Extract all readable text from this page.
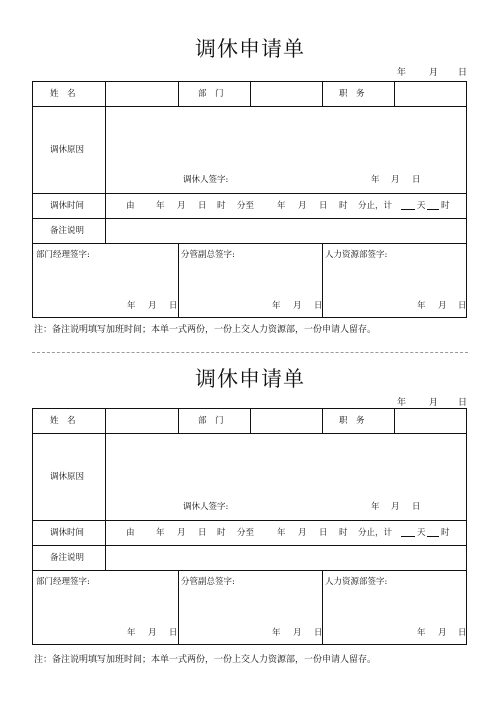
调休申请单
年	月 日
姓　名	部　门	职　务
调休原因
调休人签字:	年 月 日
调休时间	由	年 月 日 时 分至	年 月 日 时 分止，计	天 时
备注说明
部门经理签字:	分管副总签字:	人力资源部签字:
年 月 日	年 月 日	年 月 日
注：备注说明填写加班时间；本单一式两份，一份上交人力资源部，一份申请人留存。
调休申请单
年	月 日
姓　名	部　门	职　务
调休原因
调休人签字:	年 月 日
调休时间	由	年 月 日 时 分至	年 月 日 时 分止，计	天 时
备注说明
部门经理签字:	分管副总签字:	人力资源部签字:
年 月 日	年 月 日	年 月 日
注：备注说明填写加班时间；本单一式两份，一份上交人力资源部，一份申请人留存。
